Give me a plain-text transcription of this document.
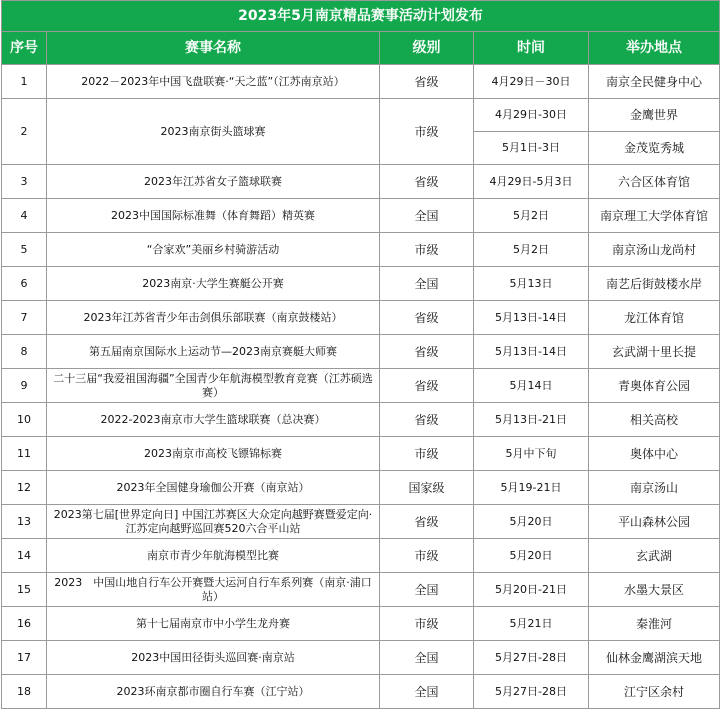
2023年5月南京精品赛事活动计划发布				
序号	赛事名称	级别	时间	举办地点
1	2022－2023年中国飞盘联赛·“天之蓝”（江苏南京站）	省级	4月29日－30日	南京全民健身中心
2	2023南京街头篮球赛	市级	4月29日-30日	金鹰世界
			5月1日-3日	金茂览秀城
3	2023年江苏省女子篮球联赛	省级	4月29日-5月3日	六合区体育馆
4	2023中国国际标准舞（体育舞蹈）精英赛	全国	5月2日	南京理工大学体育馆
5	“合家欢”美丽乡村骑游活动	市级	5月2日	南京汤山龙尚村
6	2023南京·大学生赛艇公开赛	全国	5月13日	南艺后街鼓楼水岸
7	2023年江苏省青少年击剑俱乐部联赛（南京鼓楼站）	省级	5月13日-14日	龙江体育馆
8	第五届南京国际水上运动节—2023南京赛艇大师赛	省级	5月13日-14日	玄武湖十里长提
9	二十三届“我爱祖国海疆”全国青少年航海模型教育竞赛（江苏硕选赛）	省级	5月14日	青奥体育公园
10	2022-2023南京市大学生篮球联赛（总决赛）	省级	5月13日-21日	相关高校
11	2023南京市高校飞镖锦标赛	市级	5月中下旬	奥体中心
12	2023年全国健身瑜伽公开赛（南京站）	国家级	5月19-21日	南京汤山
13	2023第七届[世界定向日] 中国江苏赛区大众定向越野赛暨爱定向·江苏定向越野巡回赛520六合平山站	省级	5月20日	平山森林公园
14	南京市青少年航海模型比赛	市级	5月20日	玄武湖
15	2023　中国山地自行车公开赛暨大运河自行车系列赛（南京·浦口站）	全国	5月20日-21日	水墨大景区
16	第十七届南京市中小学生龙舟赛	市级	5月21日	秦淮河
17	2023中国田径街头巡回赛·南京站	全国	5月27日-28日	仙林金鹰湖滨天地
18	2023环南京都市圈自行车赛（江宁站）	全国	5月27日-28日	江宁区余村
